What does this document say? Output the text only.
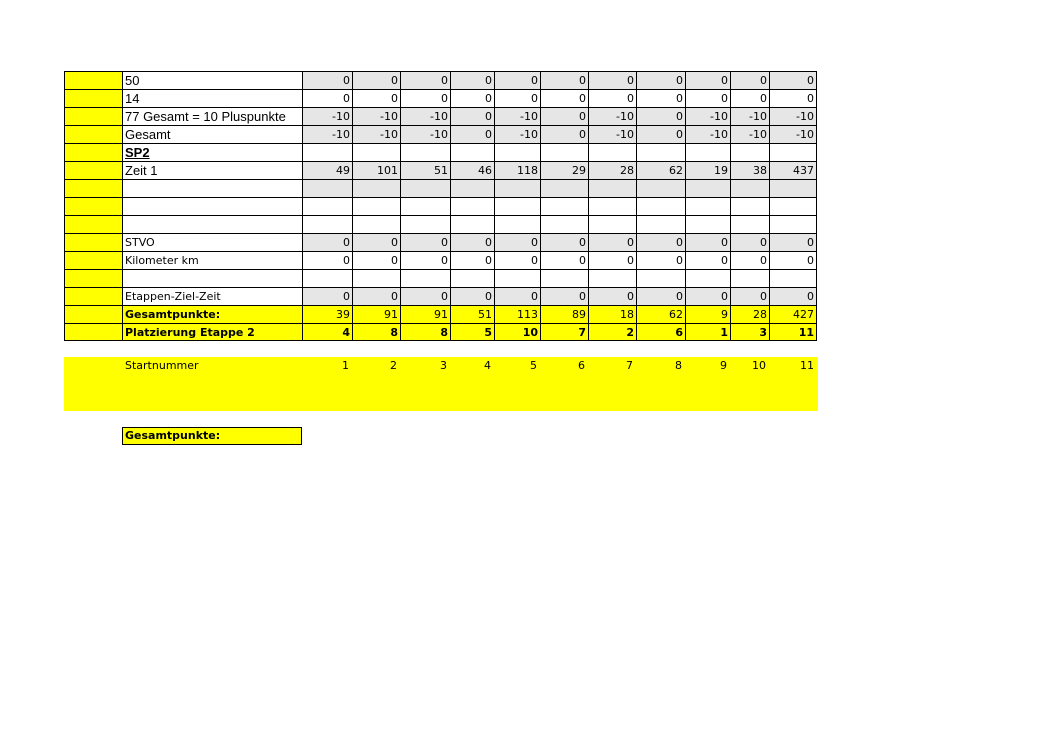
50	0	0	0	0	0	0	0	0	0	0	0
14	0	0	0	0	0	0	0	0	0	0	0
77 Gesamt = 10 Pluspunkte	-10	-10	-10	0	-10	0	-10	0	-10	-10	-10
Gesamt	-10	-10	-10	0	-10	0	-10	0	-10	-10	-10
SP2
Zeit 1	49	101	51	46	118	29	28	62	19	38	437
STVO	0	0	0	0	0	0	0	0	0	0	0
Kilometer km	0	0	0	0	0	0	0	0	0	0	0
Etappen-Ziel-Zeit	0	0	0	0	0	0	0	0	0	0	0
Gesamtpunkte:	39	91	91	51	113	89	18	62	9	28	427
Platzierung Etappe 2	4	8	8	5	10	7	2	6	1	3	11
Startnummer	1	2	3	4	5	6	7	8	9	10	11
Gesamtpunkte:
